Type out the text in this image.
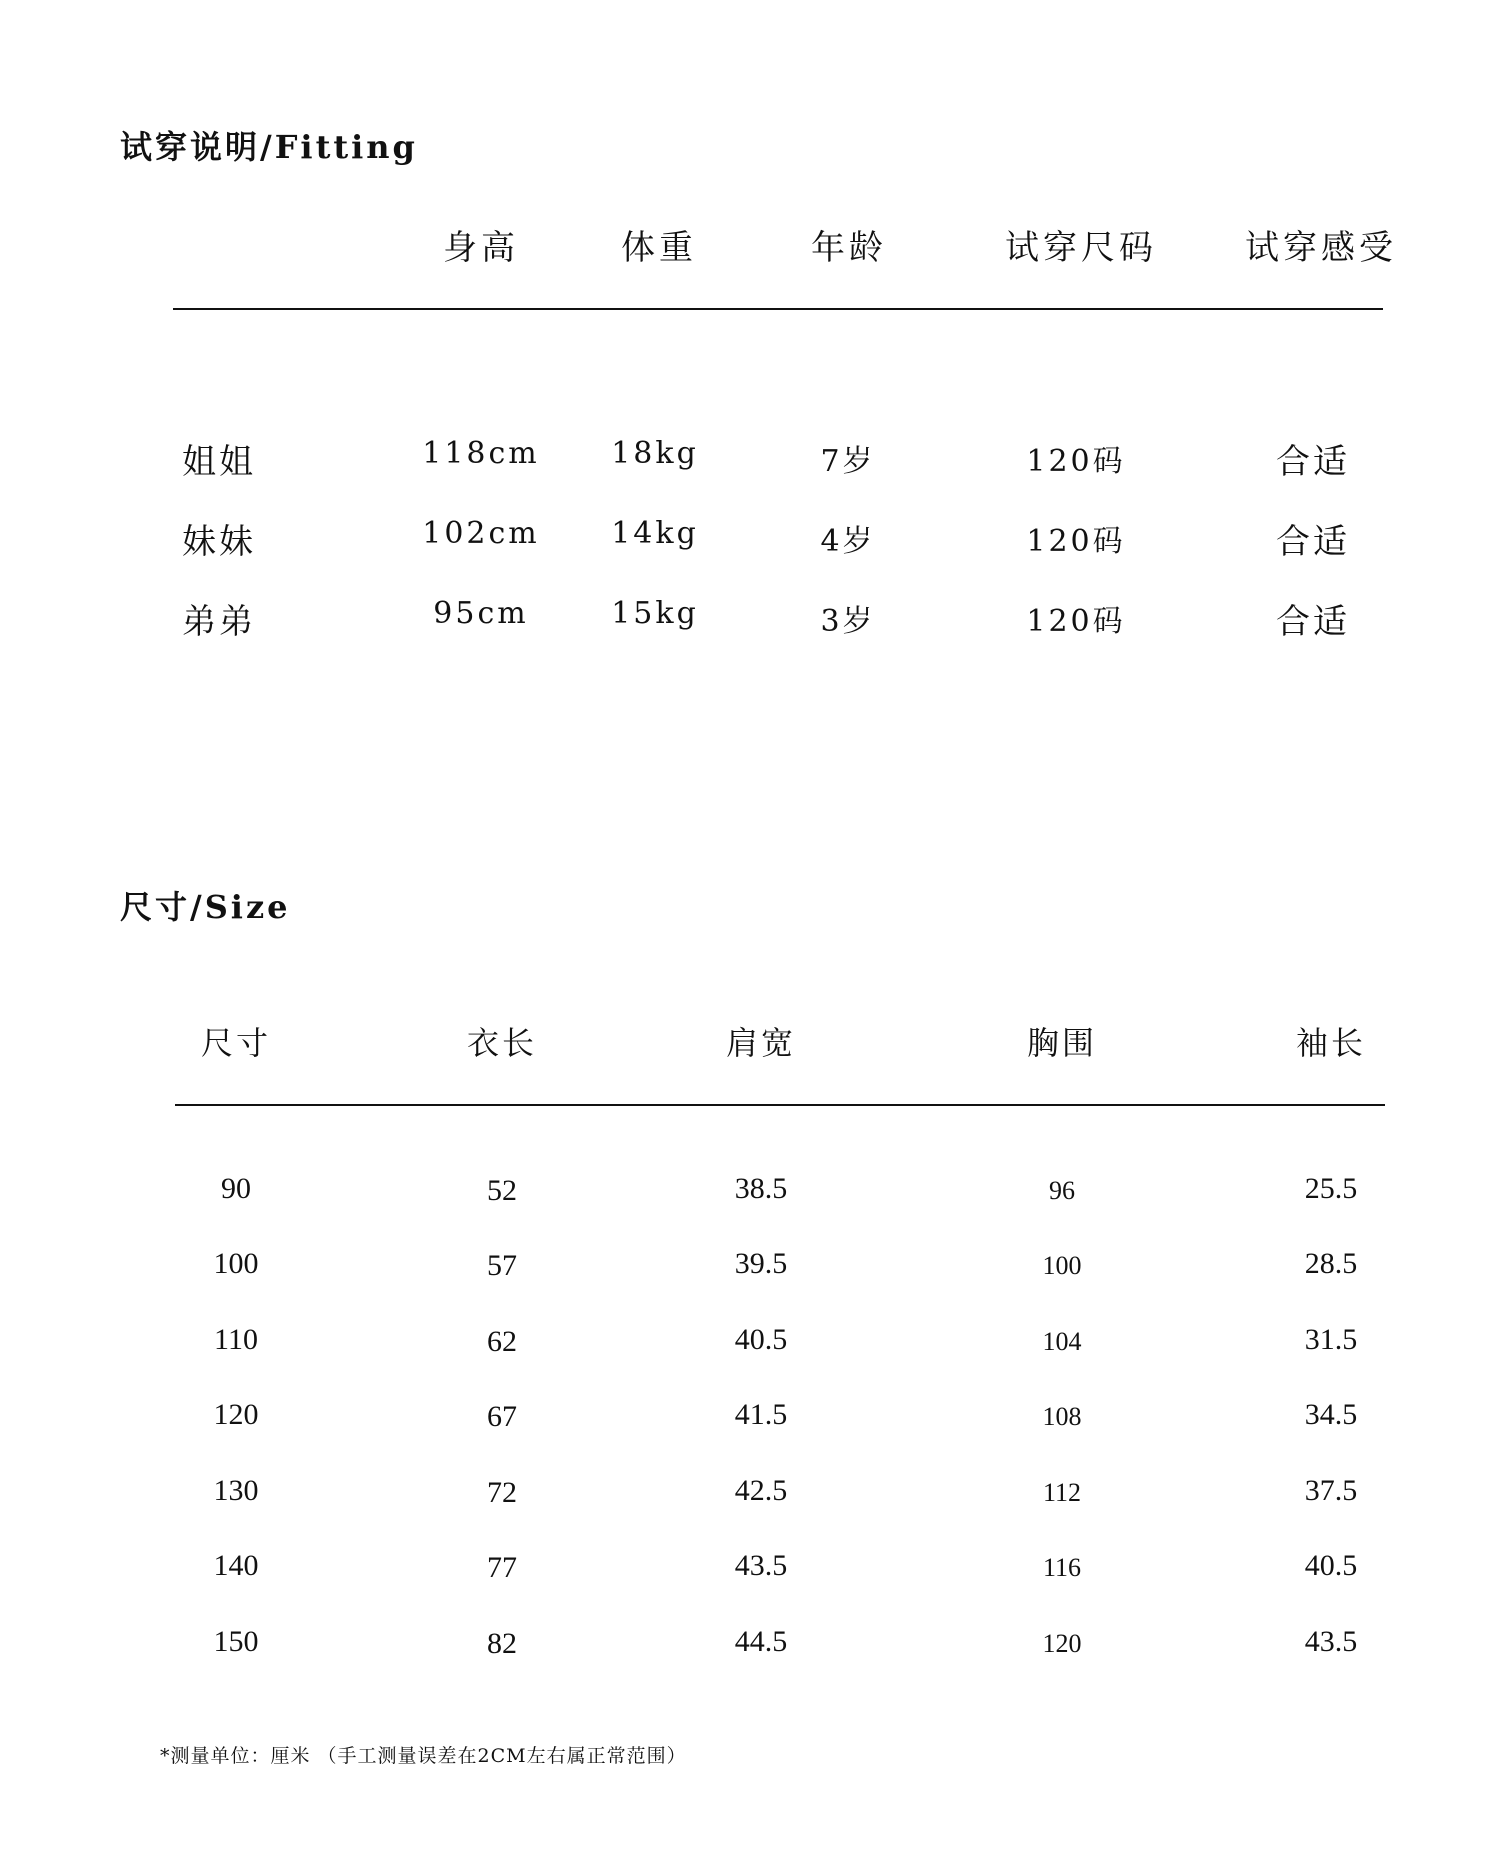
试穿说明/Fitting
身高	体重	年龄	试穿尺码	试穿感受
姐姐	118cm 18kg	7岁	120码	合适
妹妹	102cm 14kg	4岁	120码	合适
弟弟	95cm	15kg	3岁	120码	合适
尺寸/Size
尺寸	衣长	肩宽	胸围	袖长
90	52	38.5	96	25.5
100	57	39.5	100	28.5
110	62	40.5	104	31.5
120	67	41.5	108	34.5
130	72	42.5	112	37.5
140	77	43.5	116	40.5
150	82	44.5	120	43.5
*测量单位：厘米 （手工测量误差在2CM左右属正常范围）
